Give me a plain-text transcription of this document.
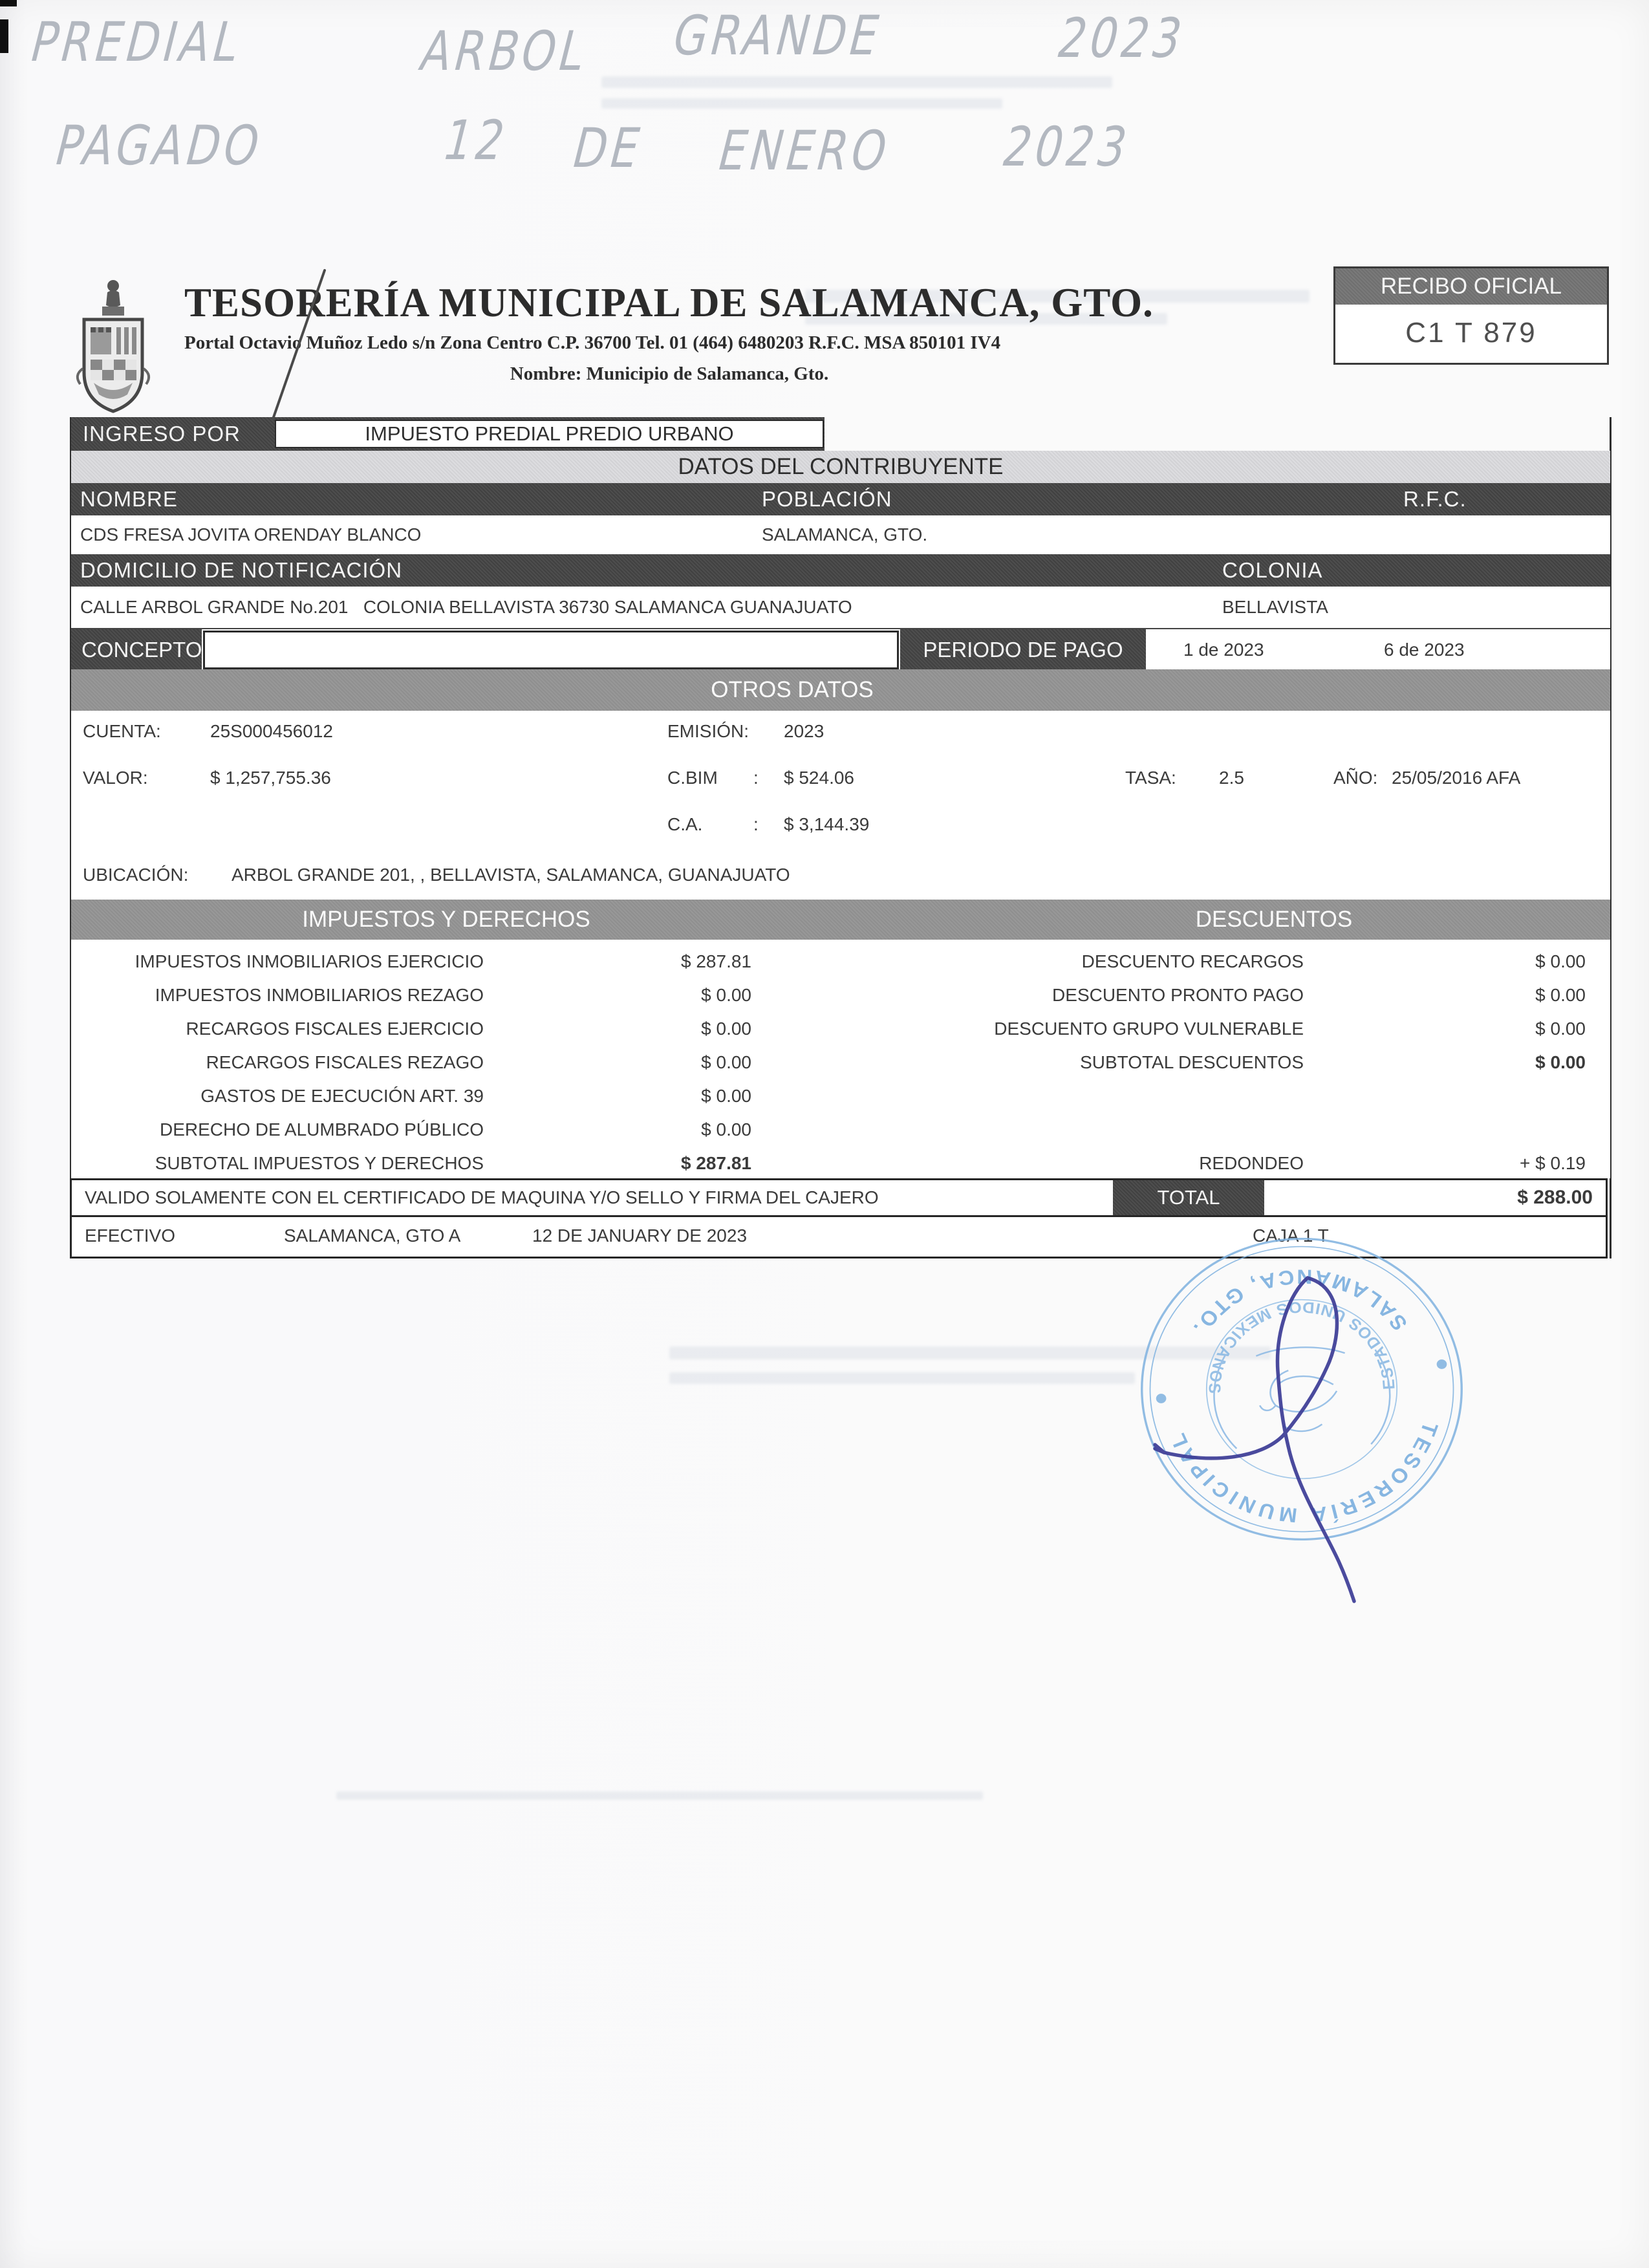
PREDIAL	ARBOL GRANDE	2023
PAGADO	12 DE ENERO 2023
TESORERÍA MUNICIPAL DE SALAMANCA, GTO.
Portal Octavio Muñoz Ledo s/n Zona Centro C.P. 36700 Tel. 01 (464) 6480203 R.F.C. MSA 850101 IV4
Nombre: Municipio de Salamanca, Gto.
RECIBO OFICIAL
C1 T 879
INGRESO POR	IMPUESTO PREDIAL PREDIO URBANO
DATOS DEL CONTRIBUYENTE
NOMBRE	POBLACIÓN	R.F.C.
CDS FRESA JOVITA ORENDAY BLANCO	SALAMANCA, GTO.
DOMICILIO DE NOTIFICACIÓN	COLONIA
CALLE ARBOL GRANDE No.201   COLONIA BELLAVISTA 36730 SALAMANCA GUANAJUATO	BELLAVISTA
CONCEPTO	PERIODO DE PAGO	1 de 2023	6 de 2023
OTROS DATOS
CUENTA:	25S000456012	EMISIÓN: 2023
VALOR:	$ 1,257,755.36	C.BIM : $ 524.06	TASA: 2.5	AÑO: 25/05/2016 AFA
C.A.	: $ 3,144.39
UBICACIÓN: ARBOL GRANDE 201, , BELLAVISTA, SALAMANCA, GUANAJUATO
IMPUESTOS Y DERECHOS	DESCUENTOS
IMPUESTOS INMOBILIARIOS EJERCICIO	$ 287.81
IMPUESTOS INMOBILIARIOS REZAGO	$ 0.00
RECARGOS FISCALES EJERCICIO	$ 0.00
RECARGOS FISCALES REZAGO	$ 0.00
GASTOS DE EJECUCIÓN ART. 39	$ 0.00
DERECHO DE ALUMBRADO PÚBLICO	$ 0.00
SUBTOTAL IMPUESTOS Y DERECHOS	$ 287.81
DESCUENTO RECARGOS	$ 0.00
DESCUENTO PRONTO PAGO	$ 0.00
DESCUENTO GRUPO VULNERABLE	$ 0.00
SUBTOTAL DESCUENTOS	$ 0.00
REDONDEO	+ $ 0.19
VALIDO SOLAMENTE CON EL CERTIFICADO DE MAQUINA Y/O SELLO Y FIRMA DEL CAJERO	TOTAL	$ 288.00
EFECTIVO	SALAMANCA, GTO A	12 DE JANUARY DE 2023	CAJA 1 T
TESORERÍA MUNICIPAL
SALAMANCA, GTO.
ESTADOS UNIDOS MEXICANOS
